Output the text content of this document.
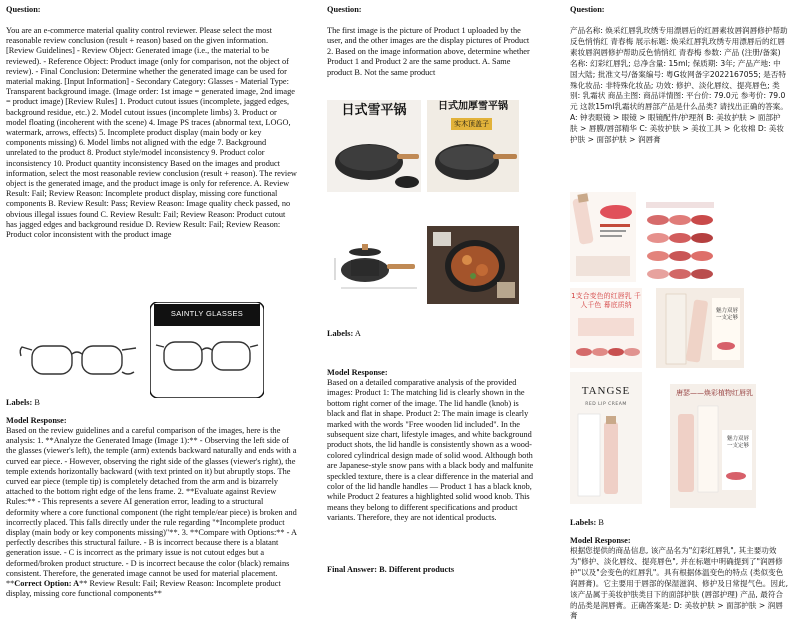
Question:

You are an e-commerce material quality control reviewer. Please select the most reasonable review conclusion (result + reason) based on the given information. [Review Guidelines] - Review Object: Generated image (i.e., the material to be reviewed). - Reference Object: Product image (only for comparison, not the object of review). - Final Conclusion: Determine whether the generated image can be used for material making. [Input Information] - Secondary Category: Glasses - Material Type: Transparent background image. (Image order: 1st image = generated image, 2nd image = product image) [Review Rules] 1. Product cutout issues (incomplete, jagged edges, background residue, etc.) 2. Model cutout issues (incomplete limbs) 3. Product or model floating (incoherent with the scene) 4. Image PS traces (abnormal text, LOGO, watermark, arrows, effects) 5. Incomplete product display (main body or key components missing) 6. Model limbs not aligned with the edge 7. Background unrelated to the product 8. Product style/model inconsistency 9. Product color inconsistency 10. Product quantity inconsistency Based on the images and product information, select the most reasonable review conclusion (result + reason). The review object is the generated image, and the product image is only for reference. A. Review Result: Fail; Review Reason: Incomplete product display, missing core functional components B. Review Result: Pass; Review Reason: Image quality check passed, no obvious illegal issues found C. Review Result: Fail; Review Reason: Product cutout has jagged edges and background residue D. Review Result: Fail; Review Reason: Product color inconsistent with the product image

SAINTLY GLASSES

Labels: B

Model Response:

Based on the review guidelines and a careful comparison of the images, here is the analysis: 1. **Analyze the Generated Image (Image 1):** - Observing the left side of the glasses (viewer's left), the temple (arm) extends backward naturally and ends with a curved ear piece. - However, observing the right side of the glasses (viewer's right), the temple extends horizontally backward (with text printed on it) but abruptly stops. The curved ear piece (temple tip) is completely detached from the arm and is bizarrely attached to the bottom right edge of the lens frame. 2. **Evaluate against Review Rules:** - This represents a severe AI generation error, leading to a structural deformity where a core functional component (the right temple/ear piece) is broken and incorrectly placed. This falls directly under the rule regarding "*Incomplete product display (main body or key components missing)"**. 3. **Compare with Options:** - A perfectly describes this structural failure. - B is incorrect because there is a blatant generation issue. - C is incorrect as the primary issue is not cutout edges but a deformed/broken product structure. - D is incorrect because the color (black) remains consistent. Therefore, the generated image cannot be used for material placement. **Correct Option: A** Review Result: Fail; Review Reason: Incomplete product display, missing core functional components**

Question:

The first image is the picture of Product 1 uploaded by the user, and the other images are the display pictures of Product 2. Based on the image information above, determine whether Product 1 and Product 2 are the same product. A. Same product B. Not the same product

日式雪平锅	日式加厚雪平锅
实木顶盖子

Labels: A

Model Response:

Based on a detailed comparative analysis of the provided images: Product 1: The matching lid is clearly shown in the bottom right corner of the image. The lid handle (knob) is black and flat in shape. Product 2: The main image is clearly marked with the words "Free wooden lid included". In the subsequent size chart, lifestyle images, and white background product shots, the lid handle is consistently shown as a wood-colored cylindrical design made of solid wood. Although both are Japanese-style snow pans with a black body and malfunite speckled texture, there is a clear difference in the material and color of the lid handle handles — Product 1 has a black knob, while Product 2 features a highlighted solid wood knob. This means they belong to different specifications and product variants. Therefore, they are not identical products.

Final Answer: B. Different products

Question:

产品名称: 焕采红唇乳玫绣专用漂唇后的红唇素妆唇润唇修护帮助反色悄悄红 青春梅 展示标题: 焕采红唇乳玫绣专用漂唇后的红唇素妆唇润唇修护帮助反色悄悄红 青春梅 参数: 产品 (注册/备案) 名称: 幻彩红唇乳; 总净含量: 15ml; 保质期: 3年; 产品产地: 中国大陆; 批准文号/备案编号: 粤G妆网备字2022167055; 是否特殊化妆品: 非特殊化妆品; 功效: 修护、淡化唇纹、提亮唇色; 类别: 乳霜状 商品主图: 商品详情图: 平台价: 79.0元 参考价: 79.0元 这款15ml乳霜状的唇部产品是什么品类? 请找出正确的答案。A: 钟表眼镜 > 眼镜 > 眼镜配件/护理剂 B: 美妆护肤 > 面部护肤 > 唇膜/唇部精华 C: 美妆护肤 > 美妆工具 > 化妆棉 D: 美妆护肤 > 面部护肤 > 润唇膏

1支合变色的红唇乳 千人千色 幕底质纳
魅力双唇 一支定够
TANGSE
RED LIP CREAM
唐瑟——焕彩植物红唇乳
魅力双唇 一支定够

Labels: B

Model Response:

根据您提供的商品信息, 该产品名为"幻彩红唇乳", 其主要功效为"修护、淡化唇纹、提亮唇色", 并在标题中明确提到了"润唇修护"以及"会变色的红唇乳"。具有根据体温变色的特点 (类似变色润唇膏)。它主要用于唇部的保湿滋润、修护及日常提气色。因此, 该产品属于美妆护肤类目下的面部护肤 (唇部护理) 产品, 最符合的品类是润唇膏。正确答案是: D: 美妆护肤 > 面部护肤 > 润唇膏
